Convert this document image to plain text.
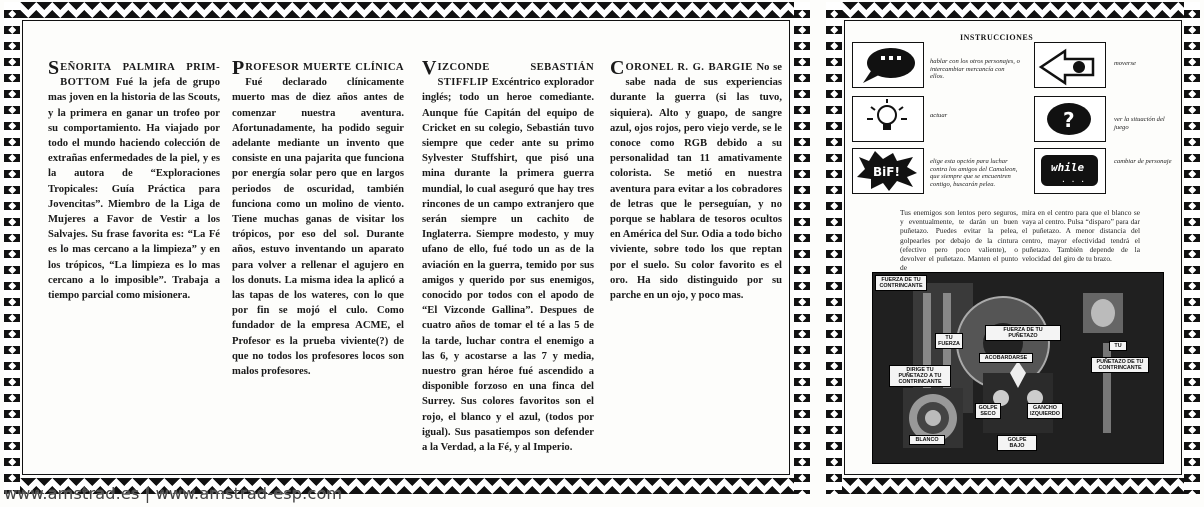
SEÑORITA PALMIRA PRIM-BOTTOM Fué la jefa de grupo mas joven en la historia de las Scouts, y la primera en ganar un trofeo por su comportamiento. Ha viajado por todo el mundo haciendo colección de extrañas enfermedades de la piel, y es la autora de “Exploraciones Tropicales: Guía Práctica para Jovencitas”. Miembro de la Liga de Mujeres a Favor de Vestir a los Salvajes. Su frase favorita es: “La Fé es lo mas cercano a la limpieza” y en los trópicos, “La limpieza es lo mas cercano a lo imposible”. Trabaja a tiempo parcial como misionera.
PROFESOR MUERTE CLÍNICA Fué declarado clínicamente muerto mas de diez años antes de comenzar nuestra aventura. Afortunadamente, ha podido seguir adelante mediante un invento que consiste en una pajarita que funciona por energía solar pero que en largos periodos de oscuridad, también funciona como un molino de viento. Tiene muchas ganas de visitar los trópicos, por eso del sol. Durante años, estuvo inventando un aparato para volver a rellenar el agujero en los donuts. La misma idea la aplicó a las tapas de los wateres, con lo que por fin se mojó el culo. Como fundador de la empresa ACME, el Profesor es la prueba viviente(?) de que no todos los profesores locos son malos profesores.
VIZCONDE SEBASTIÁN STIFFLIP Excéntrico explorador inglés; todo un heroe comediante. Aunque fúe Capitán del equipo de Cricket en su colegio, Sebastián tuvo siempre que ceder ante su primo Sylvester Stuffshirt, que pisó una mina durante la primera guerra mundial, lo cual aseguró que hay tres rincones de un campo extranjero que serán siempre un cachito de Inglaterra. Siempre modesto, y muy ufano de ello, fué todo un as de la aviación en la guerra, temido por sus amigos y querido por sus enemigos, conocido por todos con el apodo de “El Vizconde Gallina”. Despues de cuatro años de tomar el té a las 5 de la tarde, luchar contra el enemigo a las 6, y acostarse a las 7 y media, nuestro gran héroe fué ascendido a disponible forzoso en una finca del Surrey. Sus colores favoritos son el rojo, el blanco y el azul, (todos por igual). Sus pasatiempos son defender a la Verdad, a la Fé, y al Imperio.
CORONEL R. G. BARGIE No se sabe nada de sus experiencias durante la guerra (si las tuvo, siquiera). Alto y guapo, de sangre azul, ojos rojos, pero viejo verde, se le conoce como RGB debido a su personalidad tan 11 amativamente colorista. Se metió en nuestra aventura para evitar a los cobradores de letras que le perseguían, y no porque se hablara de tesoros ocultos en América del Sur. Odia a todo bicho viviente, sobre todo los que reptan por el suelo. Su color favorito es el oro. Ha sido distinguido por su parche en un ojo, y poco mas.
INSTRUCCIONES
hablar con los otros personajes, o intercambiar mercancía con ellos.
moverse
actuar	?	ver la situación del juego
BiF!
elige esta opción para luchar contra los amigos del Camaleon, que siempre que se encuentren contigo, buscarán pelea.
while
. . .
cambiar de personaje
Tus enemigos son lentos pero seguros, y eventualmente, te darán un buen puñetazo. Puedes evitar la pelea, golpearles por debajo de la cintura (efectivo pero poco valiente), o devolver el puñetazo. Manten el punto de
mira en el centro para que el blanco se vaya al centro. Pulsa “disparo” para dar el puñetazo. A menor distancia del centro, mayor efectividad tendrá el puñetazo. También depende de la velocidad del giro de tu brazo.
FUERZA DE TU CONTRINCANTE
FUERZA DE TU PUÑETAZO
TU
TU FUERZA
ACOBARDARSE
DIRIGE TU PUÑETAZO A TU CONTRINCANTE
PUÑETAZO DE TU CONTRINCANTE
GOLPE SECO
GANCHO IZQUIERDO
GOLPE BAJO
BLANCO
www.amstrad.es | www.amstrad-esp.com
